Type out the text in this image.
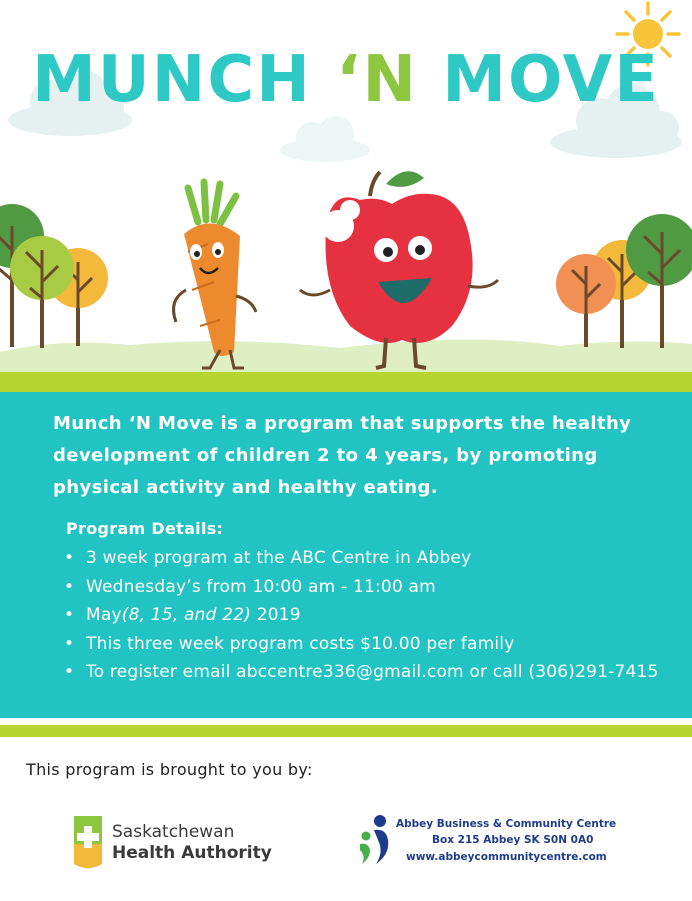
MUNCH ‘N MOVE
Munch ‘N Move is a program that supports the healthy development of children 2 to 4 years, by promoting physical activity and healthy eating.
Program Details:
• 3 week program at the ABC Centre in Abbey
• Wednesday’s from 10:00 am - 11:00 am
• May(8, 15, and 22) 2019
• This three week program costs $10.00 per family
• To register email abccentre336@gmail.com or call (306)291-7415
This program is brought to you by:
Saskatchewan
Health Authority
Abbey Business & Community Centre
Box 215 Abbey SK S0N 0A0
www.abbeycommunitycentre.com
